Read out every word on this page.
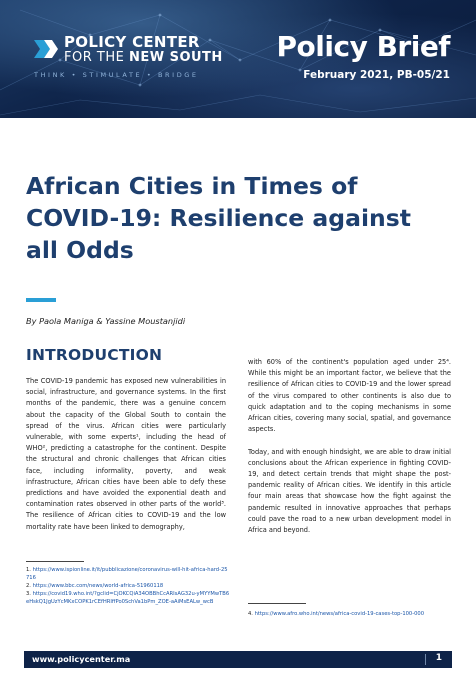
POLICY CENTER
FOR THE NEW SOUTH
THINK • STIMULATE • BRIDGE
Policy Brief
February 2021, PB-05/21
African Cities in Times of COVID-19: Resilience against all Odds
By Paola Maniga & Yassine Moustanjidi
INTRODUCTION

The COVID-19 pandemic has exposed new vulnerabilities in social, infrastructure, and governance systems. In the first months of the pandemic, there was a genuine concern about the capacity of the Global South to contain the spread of the virus. African cities were particularly vulnerable, with some experts¹, including the head of WHO², predicting a catastrophe for the continent. Despite the structural and chronic challenges that African cities face, including informality, poverty, and weak infrastructure, African cities have been able to defy these predictions and have avoided the exponential death and contamination rates observed in other parts of the world³. The resilience of African cities to COVID-19 and the low mortality rate have been linked to demography,

with 60% of the continent's population aged under 25⁴. While this might be an important factor, we believe that the resilience of African cities to COVID-19 and the lower spread of the virus compared to other continents is also due to quick adaptation and to the coping mechanisms in some African cities, covering many social, spatial, and governance aspects.

Today, and with enough hindsight, we are able to draw initial conclusions about the African experience in fighting COVID-19, and detect certain trends that might shape the post-pandemic reality of African cities. We identify in this article four main areas that showcase how the fight against the pandemic resulted in innovative approaches that perhaps could pave the road to a new urban development model in Africa and beyond.

1. https://www.ispionline.it/it/pubblicazione/coronavirus-will-hit-africa-hard-25716
2. https://www.bbc.com/news/world-africa-51960118
3. https://covid19.who.int/?gclid=CjOKCQiA34OBBhCcARIsAG32u-yMYYMwTB6eHskQ1JgUzYcMKxCOPK1rCEfHRIffPo0SchVa1bPm_ZOE-aAiMsEALw_wcB
4. https://www.afro.who.int/news/africa-covid-19-cases-top-100-000
www.policycenter.ma	1
